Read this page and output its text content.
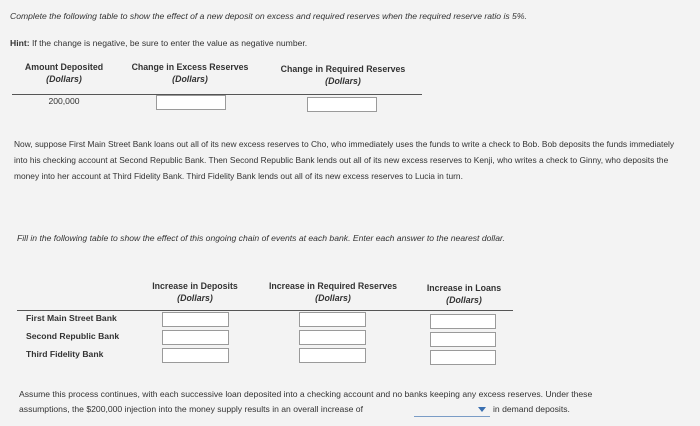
Complete the following table to show the effect of a new deposit on excess and required reserves when the required reserve ratio is 5%.
Hint: If the change is negative, be sure to enter the value as negative number.
Amount Deposited
(Dollars)
Change in Excess Reserves
(Dollars)
Change in Required Reserves
(Dollars)
200,000
Now, suppose First Main Street Bank loans out all of its new excess reserves to Cho, who immediately uses the funds to write a check to Bob. Bob deposits the funds immediately into his checking account at Second Republic Bank. Then Second Republic Bank lends out all of its new excess reserves to Kenji, who writes a check to Ginny, who deposits the money into her account at Third Fidelity Bank. Third Fidelity Bank lends out all of its new excess reserves to Lucia in turn.
Fill in the following table to show the effect of this ongoing chain of events at each bank. Enter each answer to the nearest dollar.
Increase in Deposits
(Dollars)
Increase in Required Reserves
(Dollars)
Increase in Loans
(Dollars)
First Main Street Bank
Second Republic Bank
Third Fidelity Bank
Assume this process continues, with each successive loan deposited into a checking account and no banks keeping any excess reserves. Under these
assumptions, the $200,000 injection into the money supply results in an overall increase of	in demand deposits.
